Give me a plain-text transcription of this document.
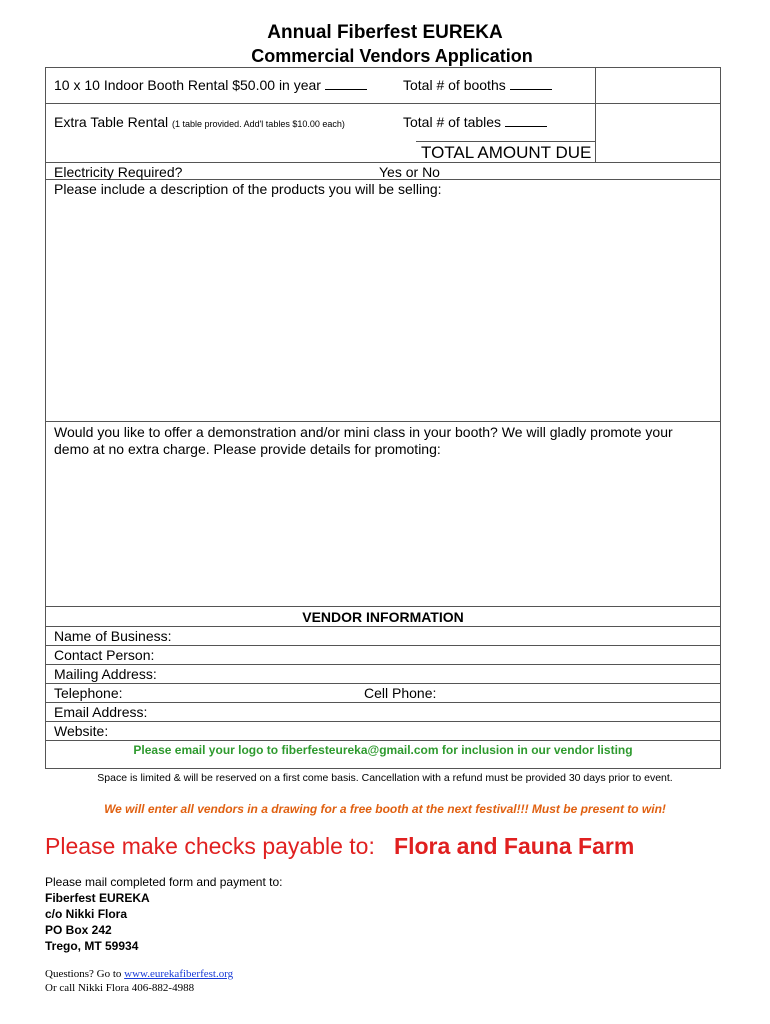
Annual Fiberfest EUREKA
Commercial Vendors Application
10 x 10 Indoor Booth Rental $50.00 in year	Total # of booths
Extra Table Rental (1 table provided. Add'l tables $10.00 each)	Total # of tables
TOTAL AMOUNT DUE
Electricity Required?	Yes or No
Please include a description of the products you will be selling:
Would you like to offer a demonstration and/or mini class in your booth? We will gladly promote your
demo at no extra charge. Please provide details for promoting:
VENDOR INFORMATION
Name of Business:
Contact Person:
Mailing Address:
Telephone:	Cell Phone:
Email Address:
Website:
Please email your logo to fiberfesteureka@gmail.com for inclusion in our vendor listing
Space is limited & will be reserved on a first come basis. Cancellation with a refund must be provided 30 days prior to event.
We will enter all vendors in a drawing for a free booth at the next festival!!! Must be present to win!
Please make checks payable to: Flora and Fauna Farm
Please mail completed form and payment to:
Fiberfest EUREKA
c/o Nikki Flora
PO Box 242
Trego, MT 59934
Questions? Go to www.eurekafiberfest.org
Or call Nikki Flora 406-882-4988
